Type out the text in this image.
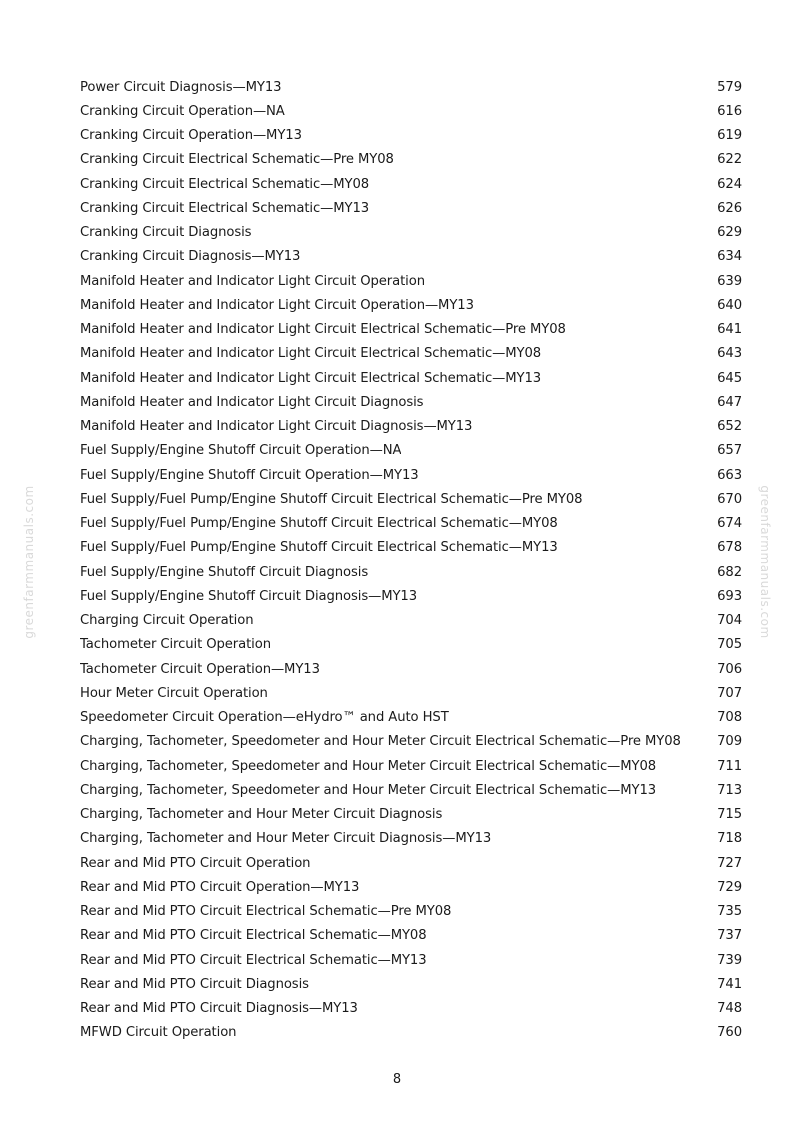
greenfarmmanuals.com	greenfarmmanuals.com
Power Circuit Diagnosis—MY13	579
Cranking Circuit Operation—NA	616
Cranking Circuit Operation—MY13	619
Cranking Circuit Electrical Schematic—Pre MY08	622
Cranking Circuit Electrical Schematic—MY08	624
Cranking Circuit Electrical Schematic—MY13	626
Cranking Circuit Diagnosis	629
Cranking Circuit Diagnosis—MY13	634
Manifold Heater and Indicator Light Circuit Operation	639
Manifold Heater and Indicator Light Circuit Operation—MY13	640
Manifold Heater and Indicator Light Circuit Electrical Schematic—Pre MY08	641
Manifold Heater and Indicator Light Circuit Electrical Schematic—MY08	643
Manifold Heater and Indicator Light Circuit Electrical Schematic—MY13	645
Manifold Heater and Indicator Light Circuit Diagnosis	647
Manifold Heater and Indicator Light Circuit Diagnosis—MY13	652
Fuel Supply/Engine Shutoff Circuit Operation—NA	657
Fuel Supply/Engine Shutoff Circuit Operation—MY13	663
Fuel Supply/Fuel Pump/Engine Shutoff Circuit Electrical Schematic—Pre MY08	670
Fuel Supply/Fuel Pump/Engine Shutoff Circuit Electrical Schematic—MY08	674
Fuel Supply/Fuel Pump/Engine Shutoff Circuit Electrical Schematic—MY13	678
Fuel Supply/Engine Shutoff Circuit Diagnosis	682
Fuel Supply/Engine Shutoff Circuit Diagnosis—MY13	693
Charging Circuit Operation	704
Tachometer Circuit Operation	705
Tachometer Circuit Operation—MY13	706
Hour Meter Circuit Operation	707
Speedometer Circuit Operation—eHydro™ and Auto HST	708
Charging, Tachometer, Speedometer and Hour Meter Circuit Electrical Schematic—Pre MY08	709
Charging, Tachometer, Speedometer and Hour Meter Circuit Electrical Schematic—MY08	711
Charging, Tachometer, Speedometer and Hour Meter Circuit Electrical Schematic—MY13	713
Charging, Tachometer and Hour Meter Circuit Diagnosis	715
Charging, Tachometer and Hour Meter Circuit Diagnosis—MY13	718
Rear and Mid PTO Circuit Operation	727
Rear and Mid PTO Circuit Operation—MY13	729
Rear and Mid PTO Circuit Electrical Schematic—Pre MY08	735
Rear and Mid PTO Circuit Electrical Schematic—MY08	737
Rear and Mid PTO Circuit Electrical Schematic—MY13	739
Rear and Mid PTO Circuit Diagnosis	741
Rear and Mid PTO Circuit Diagnosis—MY13	748
MFWD Circuit Operation	760
8
